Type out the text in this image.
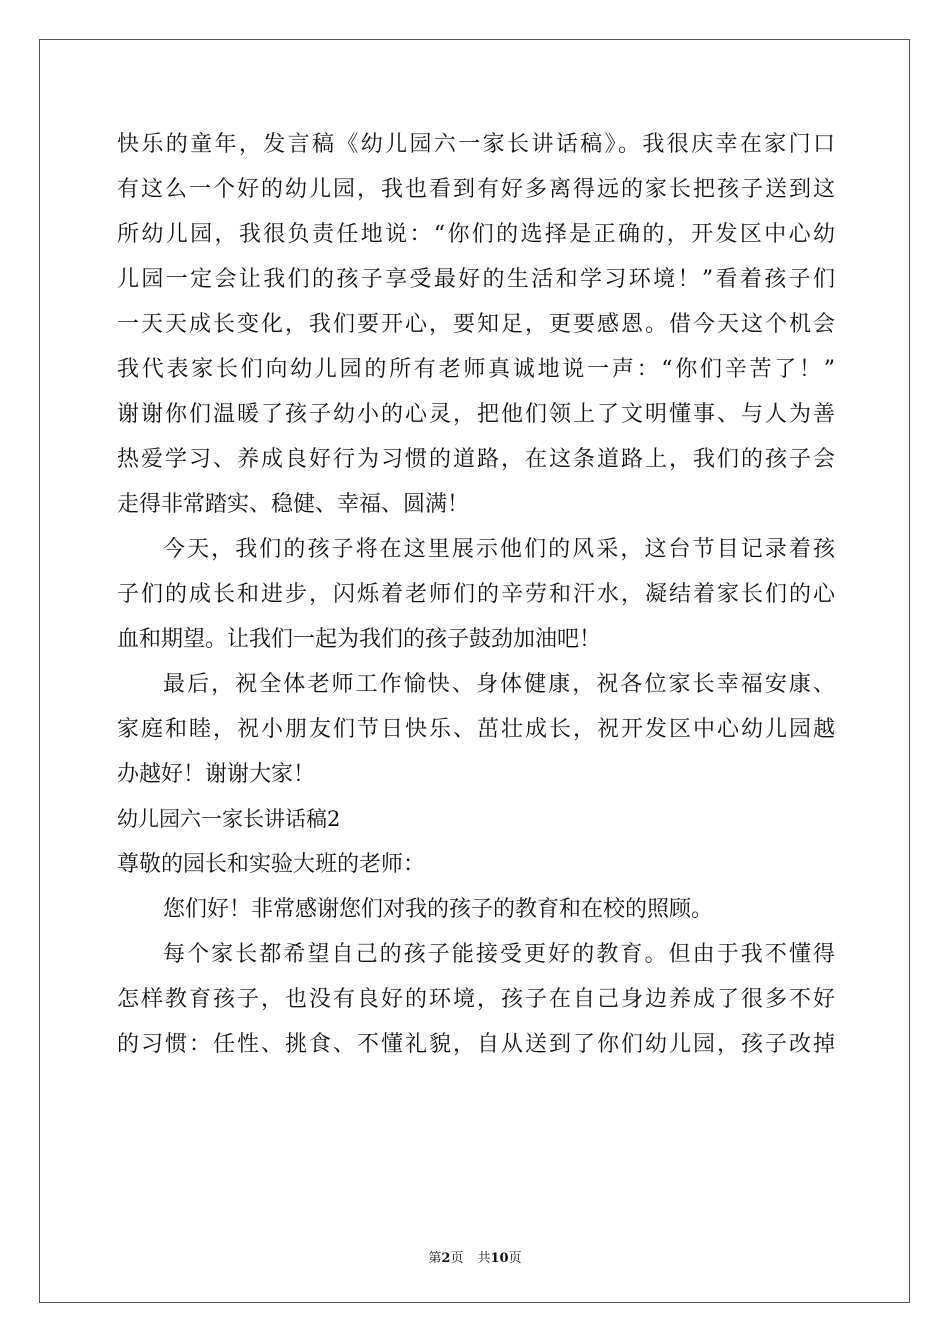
快乐的童年，发言稿《幼儿园六一家长讲话稿》。我很庆幸在家门口
有这么一个好的幼儿园，我也看到有好多离得远的家长把孩子送到这
所幼儿园，我很负责任地说：“你们的选择是正确的，开发区中心幼
儿园一定会让我们的孩子享受最好的生活和学习环境！”看着孩子们
一天天成长变化，我们要开心，要知足，更要感恩。借今天这个机会
我代表家长们向幼儿园的所有老师真诚地说一声：“你们辛苦了！”
谢谢你们温暖了孩子幼小的心灵，把他们领上了文明懂事、与人为善
热爱学习、养成良好行为习惯的道路，在这条道路上，我们的孩子会
走得非常踏实、稳健、幸福、圆满！
今天，我们的孩子将在这里展示他们的风采，这台节目记录着孩
子们的成长和进步，闪烁着老师们的辛劳和汗水，凝结着家长们的心
血和期望。让我们一起为我们的孩子鼓劲加油吧！
最后，祝全体老师工作愉快、身体健康，祝各位家长幸福安康、
家庭和睦，祝小朋友们节日快乐、茁壮成长，祝开发区中心幼儿园越
办越好！谢谢大家！
幼儿园六一家长讲话稿2
尊敬的园长和实验大班的老师：
您们好！非常感谢您们对我的孩子的教育和在校的照顾。
每个家长都希望自己的孩子能接受更好的教育。但由于我不懂得
怎样教育孩子，也没有良好的环境，孩子在自己身边养成了很多不好
的习惯：任性、挑食、不懂礼貌，自从送到了你们幼儿园，孩子改掉
第2页 共10页
